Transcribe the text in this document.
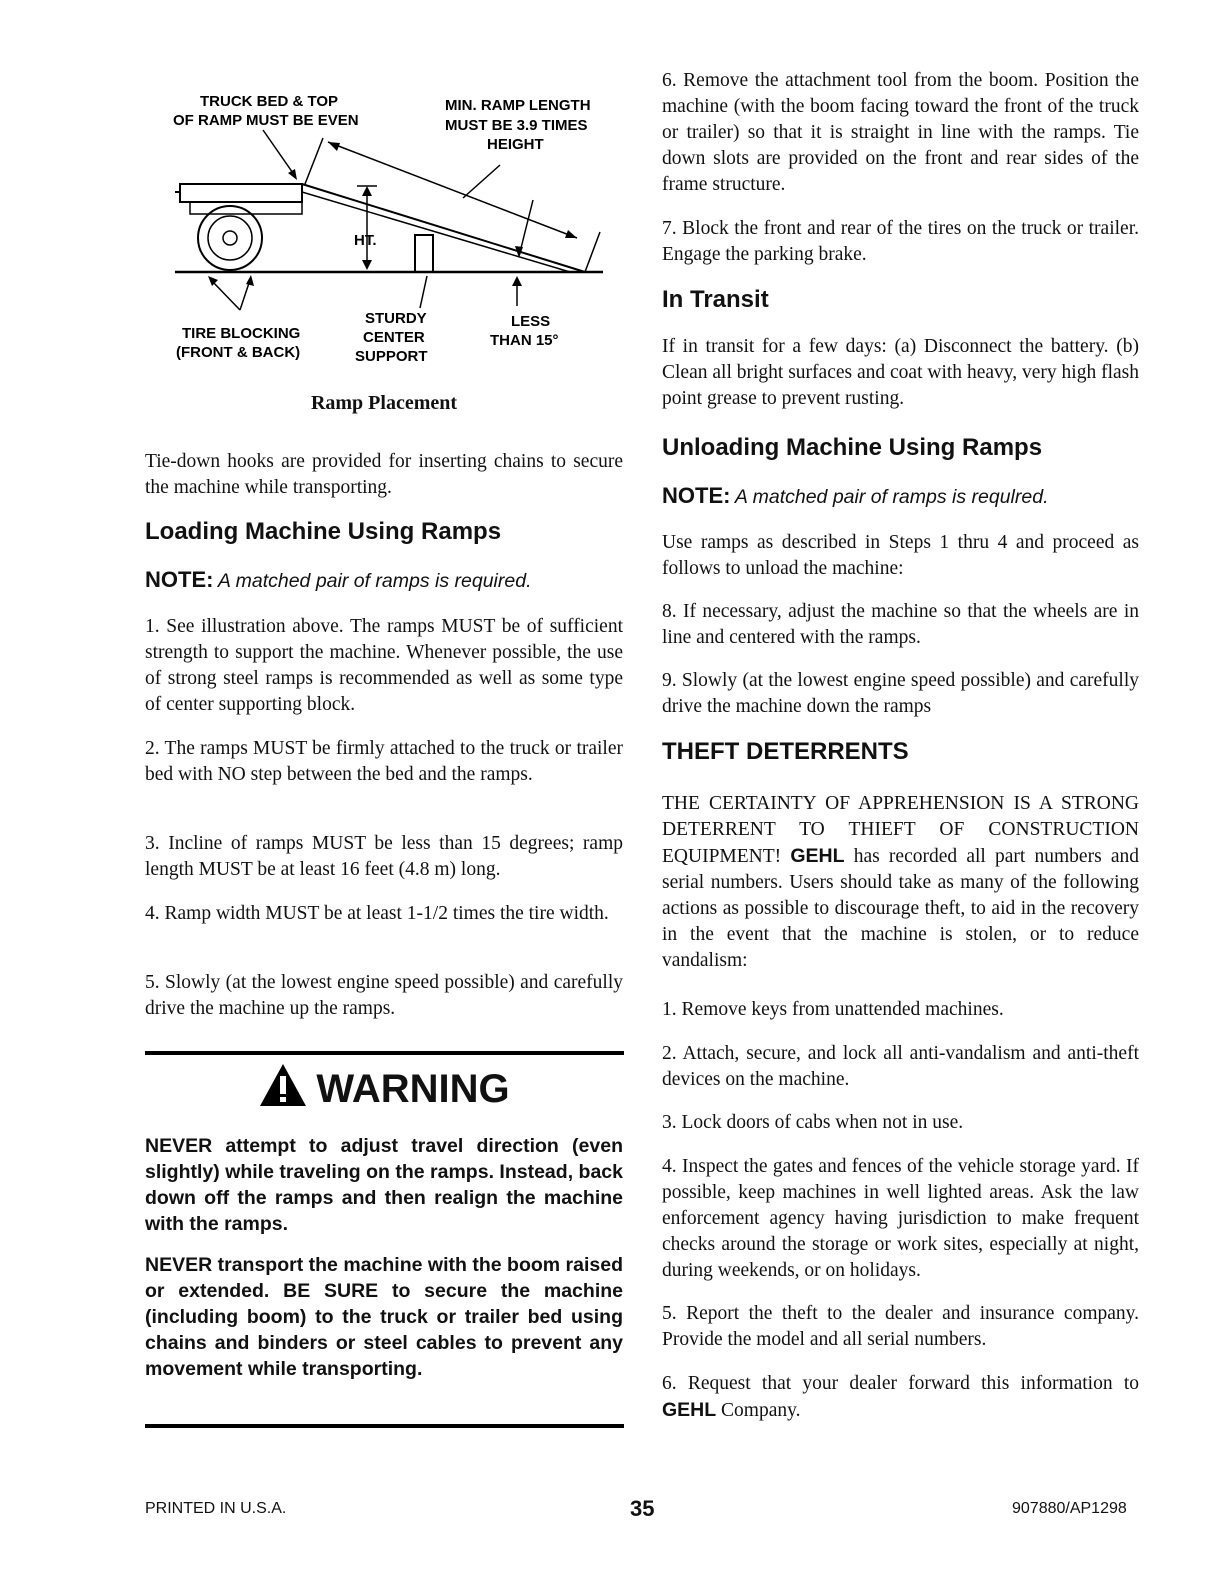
TRUCK BED & TOP
OF RAMP MUST BE EVEN
MIN. RAMP LENGTH
MUST BE 3.9 TIMES
HEIGHT
HT.
TIRE BLOCKING
(FRONT & BACK)
STURDY
CENTER
SUPPORT
LESS
THAN 15°
Ramp Placement

Tie-down hooks are provided for inserting chains to secure the machine while transporting.

Loading Machine Using Ramps
NOTE: A matched pair of ramps is required.

1. See illustration above. The ramps MUST be of sufficient strength to support the machine. Whenever possible, the use of strong steel ramps is recommended as well as some type of center supporting block.

2. The ramps MUST be firmly attached to the truck or trailer bed with NO step between the bed and the ramps.

3. Incline of ramps MUST be less than 15 degrees; ramp length MUST be at least 16 feet (4.8 m) long.

4. Ramp width MUST be at least 1-1/2 times the tire width.

5. Slowly (at the lowest engine speed possible) and carefully drive the machine up the ramps.

WARNING

NEVER attempt to adjust travel direction (even slightly) while traveling on the ramps. Instead, back down off the ramps and then realign the machine with the ramps.

NEVER transport the machine with the boom raised or extended. BE SURE to secure the machine (including boom) to the truck or trailer bed using chains and binders or steel cables to prevent any movement while transporting.

6. Remove the attachment tool from the boom. Position the machine (with the boom facing toward the front of the truck or trailer) so that it is straight in line with the ramps. Tie down slots are provided on the front and rear sides of the frame structure.

7. Block the front and rear of the tires on the truck or trailer. Engage the parking brake.

In Transit

If in transit for a few days: (a) Disconnect the battery. (b) Clean all bright surfaces and coat with heavy, very high flash point grease to prevent rusting.

Unloading Machine Using Ramps
NOTE: A matched pair of ramps is requlred.

Use ramps as described in Steps 1 thru 4 and proceed as follows to unload the machine:

8. If necessary, adjust the machine so that the wheels are in line and centered with the ramps.

9. Slowly (at the lowest engine speed possible) and carefully drive the machine down the ramps

THEFT DETERRENTS

THE CERTAINTY OF APPREHENSION IS A STRONG DETERRENT TO THIEFT OF CONSTRUCTION EQUIPMENT! GEHL has recorded all part numbers and serial numbers. Users should take as many of the following actions as possible to discourage theft, to aid in the recovery in the event that the machine is stolen, or to reduce vandalism:

1. Remove keys from unattended machines.

2. Attach, secure, and lock all anti-vandalism and anti-theft devices on the machine.

3. Lock doors of cabs when not in use.

4. Inspect the gates and fences of the vehicle storage yard. If possible, keep machines in well lighted areas. Ask the law enforcement agency having jurisdiction to make frequent checks around the storage or work sites, especially at night, during weekends, or on holidays.

5. Report the theft to the dealer and insurance company. Provide the model and all serial numbers.

6. Request that your dealer forward this information to GEHL Company.

PRINTED IN U.S.A.	35	907880/AP1298
